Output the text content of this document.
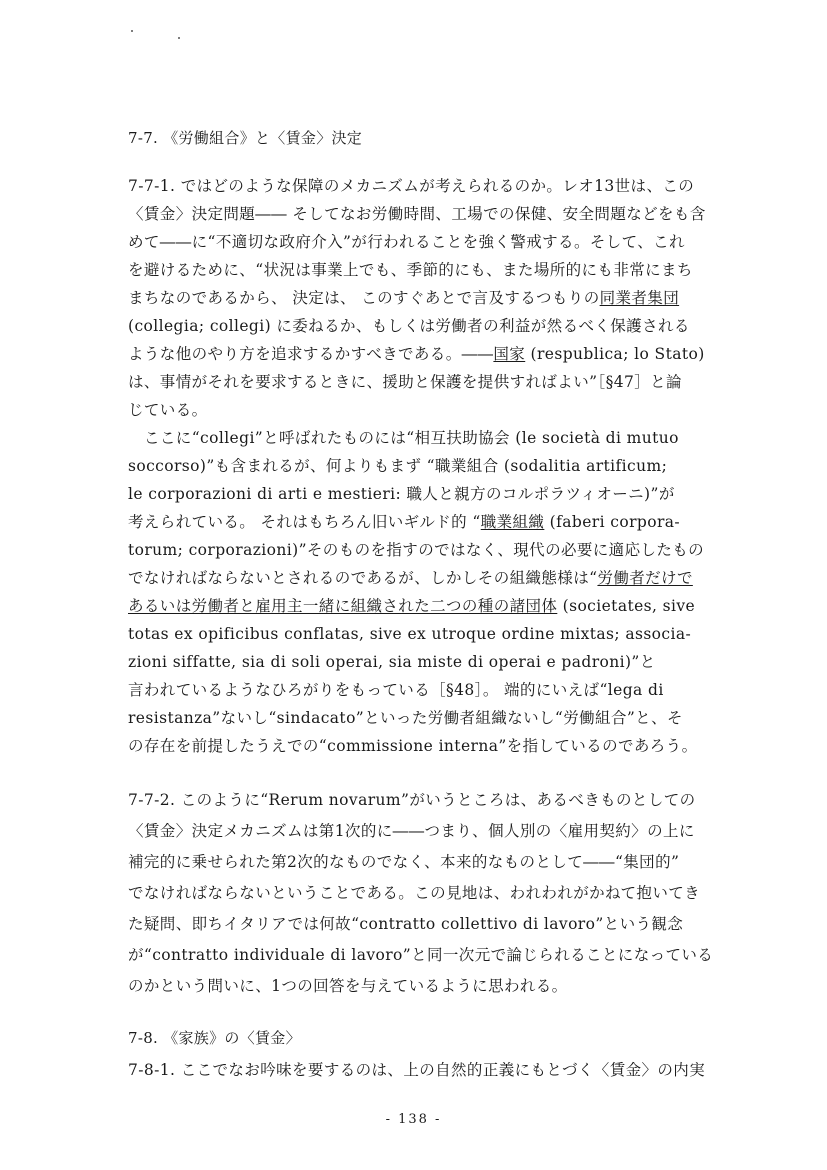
7-7. 《労働組合》と〈賃金〉決定
7-7-1. ではどのような保障のメカニズムが考えられるのか。レオ13世は、この
〈賃金〉決定問題―― そしてなお労働時間、工場での保健、安全問題などをも含
めて――に“不適切な政府介入”が行われることを強く警戒する。そして、これ
を避けるために、“状況は事業上でも、季節的にも、また場所的にも非常にまち
まちなのであるから、 決定は、 このすぐあとで言及するつもりの同業者集団
(collegia; collegi) に委ねるか、もしくは労働者の利益が然るべく保護される
ような他のやり方を追求するかすべきである。――国家 (respublica; lo Stato)
は、事情がそれを要求するときに、援助と保護を提供すればよい”［§47］と論
じている。
ここに“collegi”と呼ばれたものには“相互扶助協会 (le società di mutuo
soccorso)”も含まれるが、何よりもまず “職業組合 (sodalitia artificum;
le corporazioni di arti e mestieri: 職人と親方のコルポラツィオーニ)”が
考えられている。 それはもちろん旧いギルド的 “職業組織 (faberi corpora-
torum; corporazioni)”そのものを指すのではなく、現代の必要に適応したもの
でなければならないとされるのであるが、しかしその組織態様は“労働者だけで
あるいは労働者と雇用主一緒に組織された二つの種の諸団体 (societates, sive
totas ex opificibus conflatas, sive ex utroque ordine mixtas; associa-
zioni siffatte, sia di soli operai, sia miste di operai e padroni)”と
言われているようなひろがりをもっている［§48］。 端的にいえば“lega di
resistanza”ないし“sindacato”といった労働者組織ないし“労働組合”と、そ
の存在を前提したうえでの“commissione interna”を指しているのであろう。
7-7-2. このように“Rerum novarum”がいうところは、あるべきものとしての
〈賃金〉決定メカニズムは第1次的に――つまり、個人別の〈雇用契約〉の上に
補完的に乗せられた第2次的なものでなく、本来的なものとして――“集団的”
でなければならないということである。この見地は、われわれがかねて抱いてき
た疑問、即ちイタリアでは何故“contratto collettivo di lavoro”という観念
が“contratto individuale di lavoro”と同一次元で論じられることになっている
のかという問いに、1つの回答を与えているように思われる。
7-8. 《家族》の〈賃金〉
- 138 -
7-8-1. ここでなお吟味を要するのは、上の自然的正義にもとづく〈賃金〉の内実
